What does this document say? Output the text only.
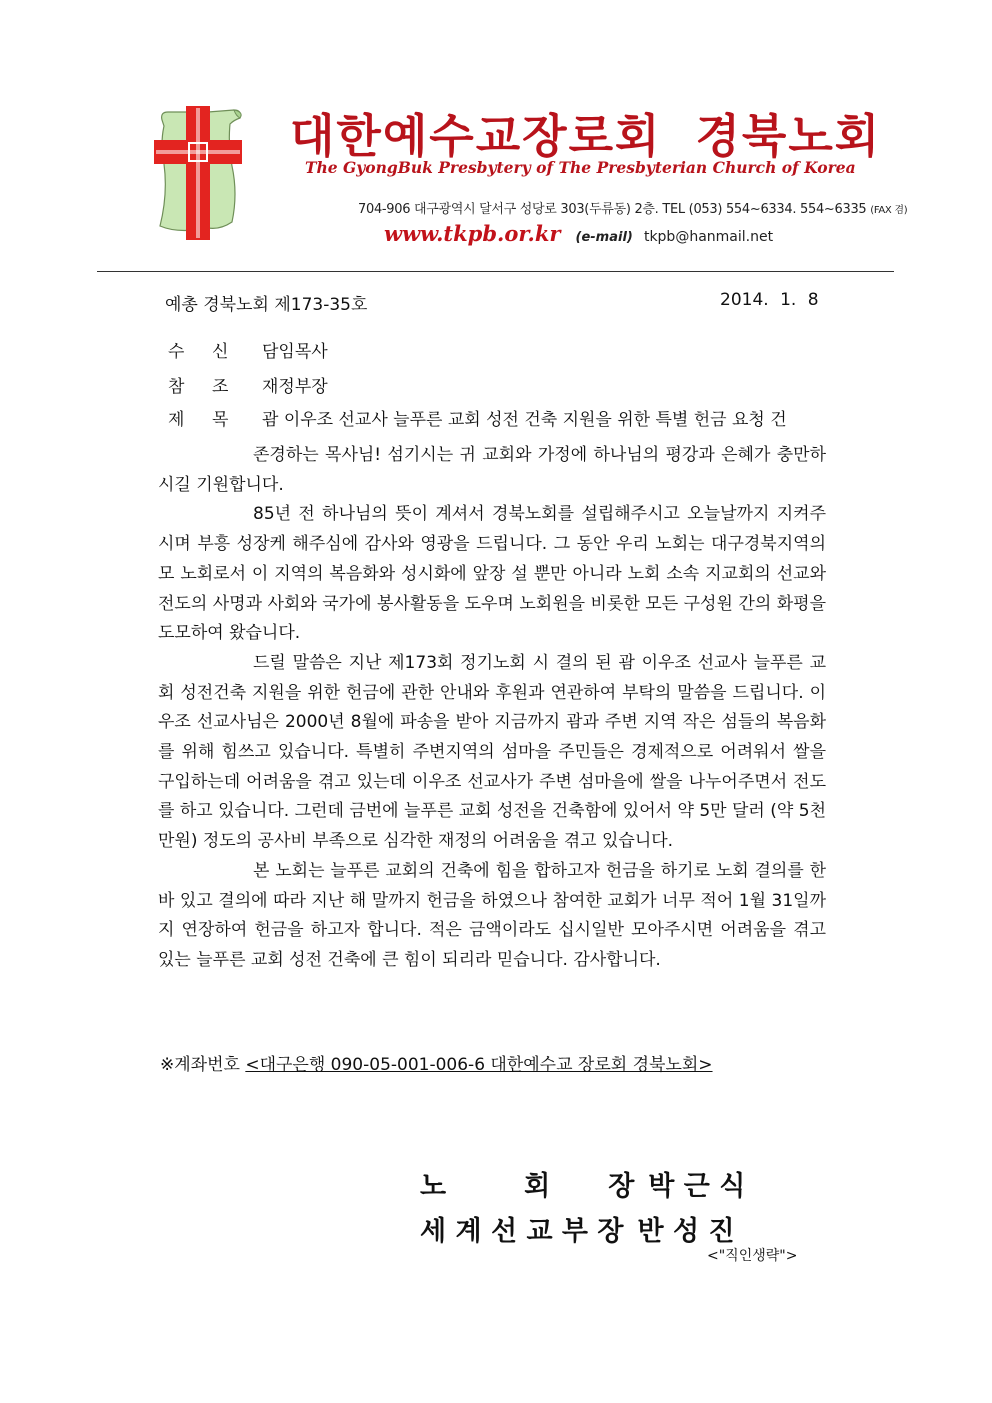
대한예수교장로회 경북노회
The GyongBuk Presbytery of The Presbyterian Church of Korea
704-906 대구광역시 달서구 성당로 303(두류동) 2층. TEL (053) 554~6334. 554~6335 (FAX 겸)
www.tkpb.or.kr (e-mail) tkpb@hanmail.net
예총 경북노회 제173-35호	2014. 1. 8
수 신 담임목사
참 조 재정부장
제 목 괌 이우조 선교사 늘푸른 교회 성전 건축 지원을 위한 특별 헌금 요청 건

존경하는 목사님! 섬기시는 귀 교회와 가정에 하나님의 평강과 은혜가 충만하시길 기원합니다.

85년 전 하나님의 뜻이 계셔서 경북노회를 설립해주시고 오늘날까지 지켜주시며 부흥 성장케 해주심에 감사와 영광을 드립니다. 그 동안 우리 노회는 대구경북지역의 모 노회로서 이 지역의 복음화와 성시화에 앞장 설 뿐만 아니라 노회 소속 지교회의 선교와 전도의 사명과 사회와 국가에 봉사활동을 도우며 노회원을 비롯한 모든 구성원 간의 화평을 도모하여 왔습니다.

드릴 말씀은 지난 제173회 정기노회 시 결의 된 괌 이우조 선교사 늘푸른 교회 성전건축 지원을 위한 헌금에 관한 안내와 후원과 연관하여 부탁의 말씀을 드립니다. 이우조 선교사님은 2000년 8월에 파송을 받아 지금까지 괌과 주변 지역 작은 섬들의 복음화를 위해 힘쓰고 있습니다. 특별히 주변지역의 섬마을 주민들은 경제적으로 어려워서 쌀을 구입하는데 어려움을 겪고 있는데 이우조 선교사가 주변 섬마을에 쌀을 나누어주면서 전도를 하고 있습니다. 그런데 금번에 늘푸른 교회 성전을 건축함에 있어서 약 5만 달러 (약 5천 만원) 정도의 공사비 부족으로 심각한 재정의 어려움을 겪고 있습니다.

본 노회는 늘푸른 교회의 건축에 힘을 합하고자 헌금을 하기로 노회 결의를 한 바 있고 결의에 따라 지난 해 말까지 헌금을 하였으나 참여한 교회가 너무 적어 1월 31일까지 연장하여 헌금을 하고자 합니다. 적은 금액이라도 십시일반 모아주시면 어려움을 겪고 있는 늘푸른 교회 성전 건축에 큰 힘이 되리라 믿습니다. 감사합니다.

※계좌번호 <대구은행 090-05-001-006-6 대한예수교 장로회 경북노회>
노	회 장 박 근 식
세 계 선 교 부 장 반 성 진
<"직인생략">
